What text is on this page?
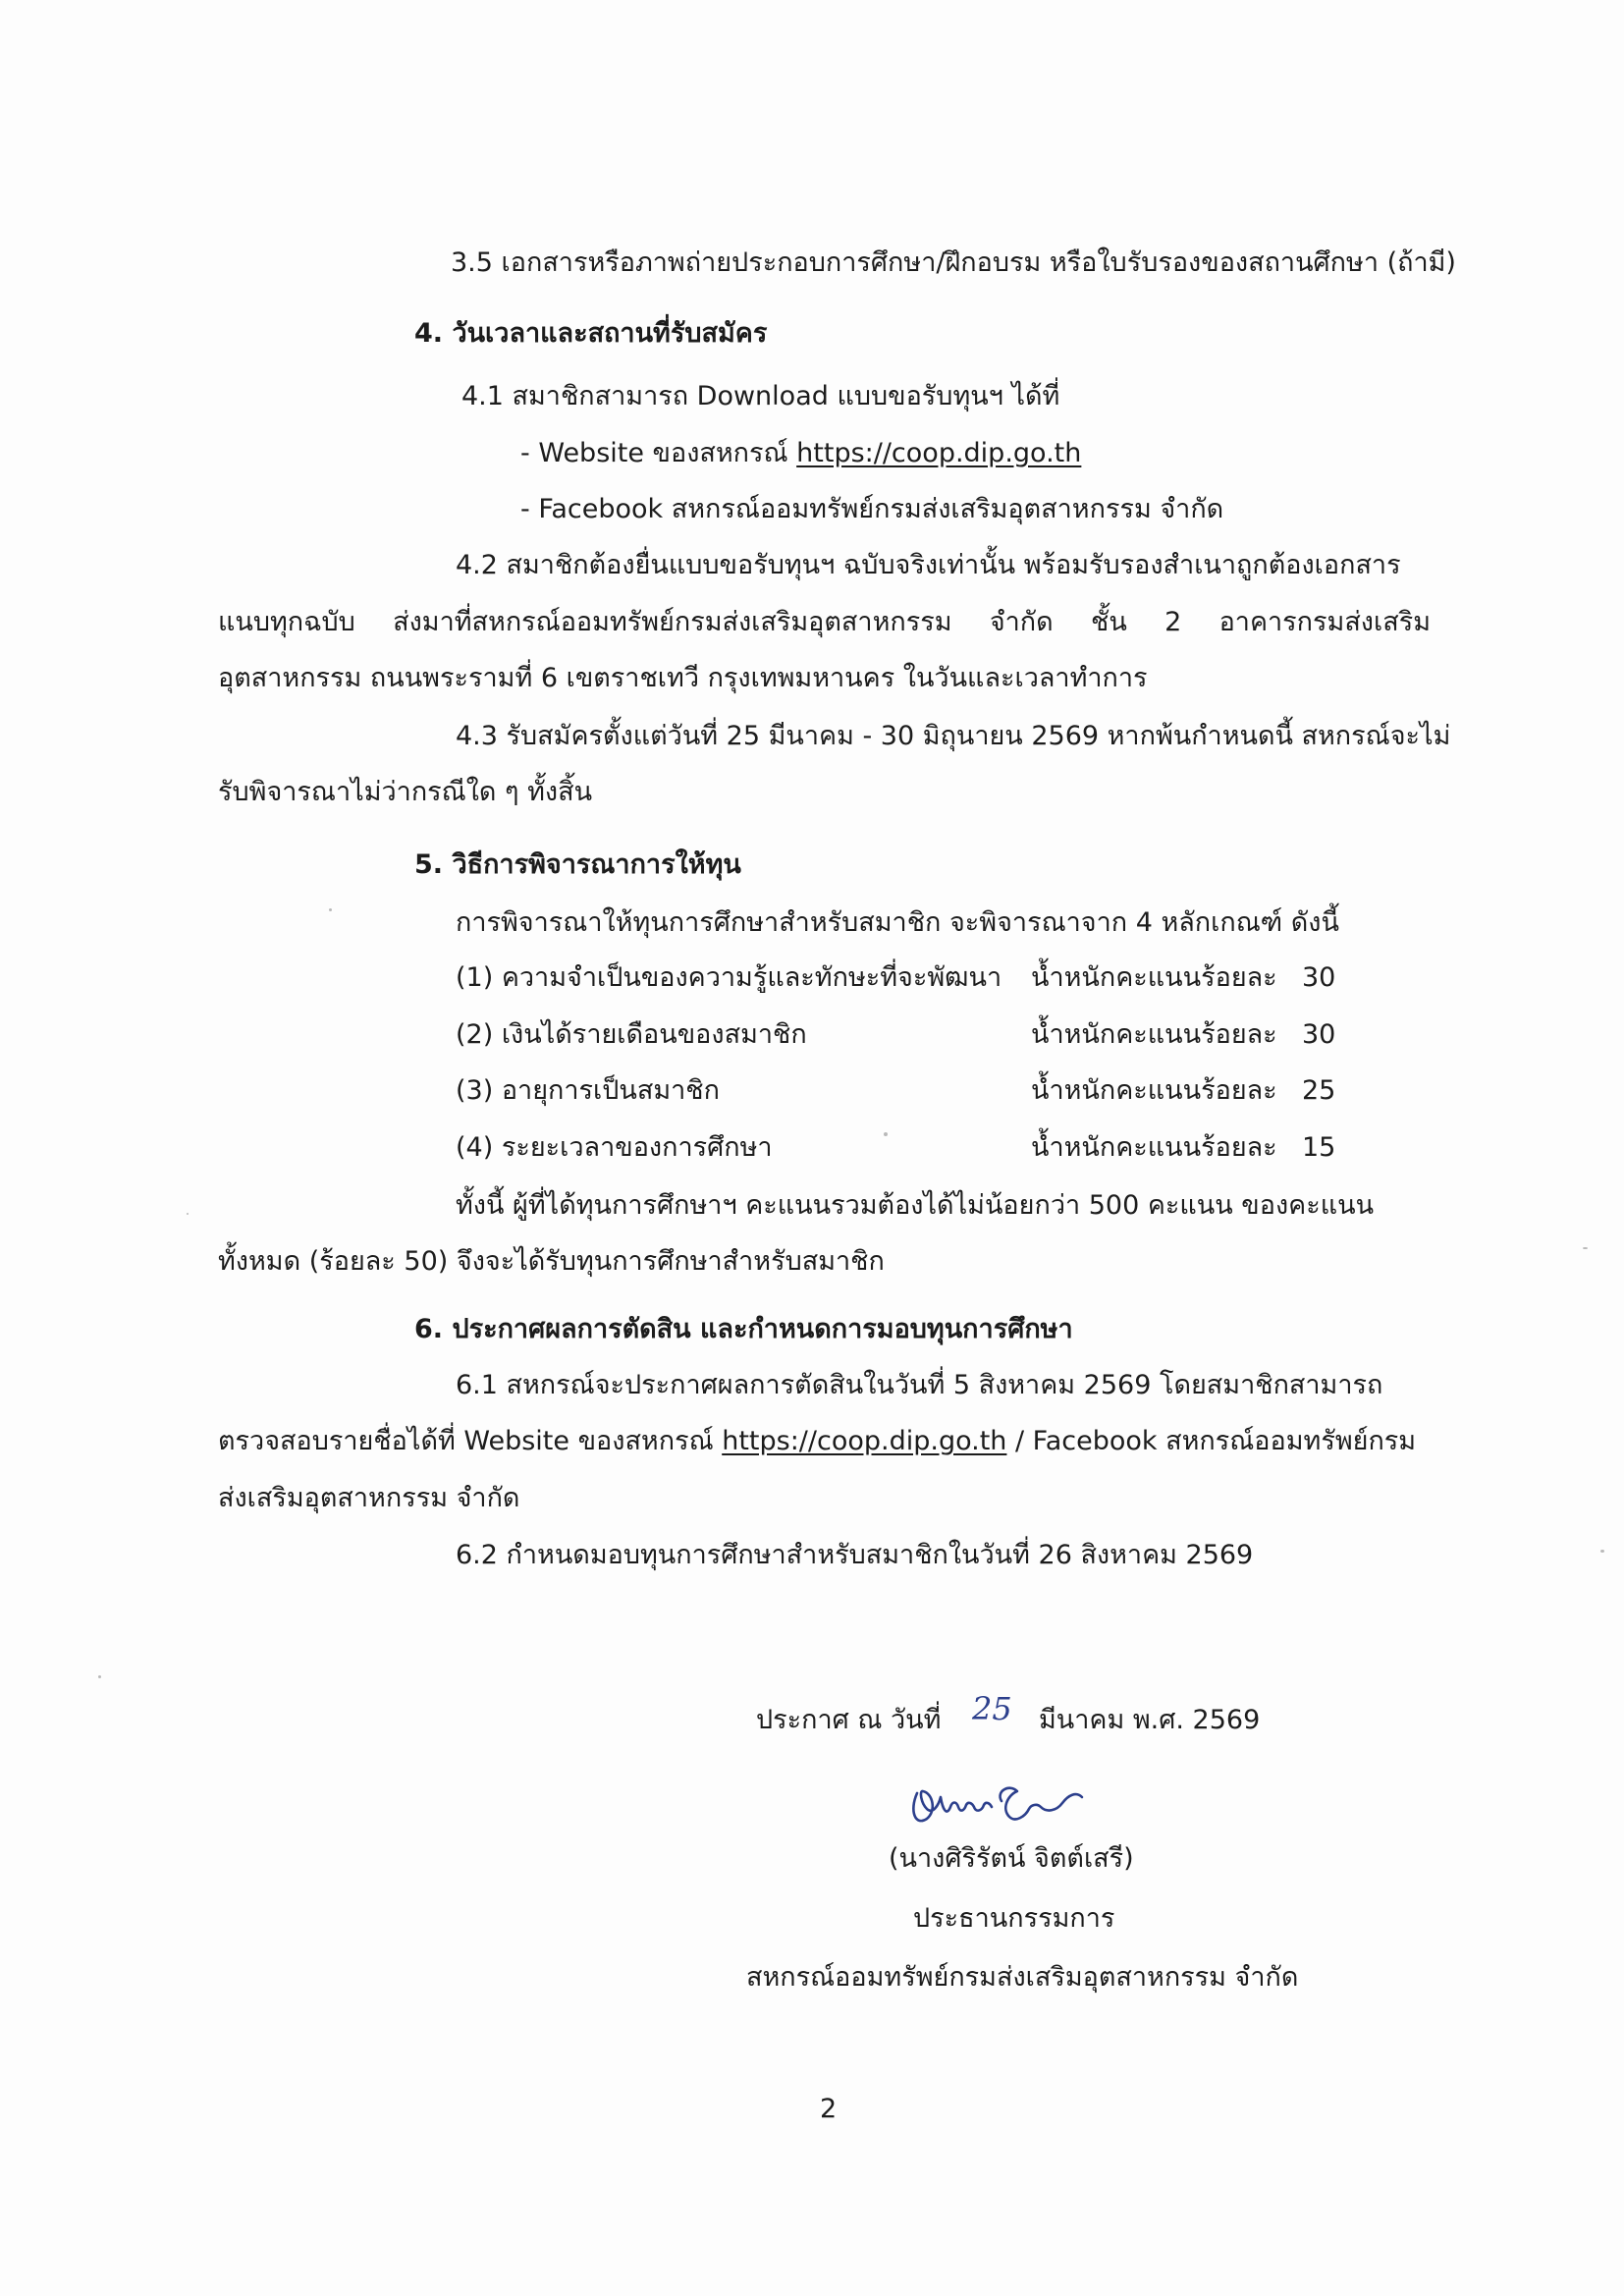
3.5 เอกสารหรือภาพถ่ายประกอบการศึกษา/ฝึกอบรม หรือใบรับรองของสถานศึกษา (ถ้ามี)
4. วันเวลาและสถานที่รับสมัคร
4.1 สมาชิกสามารถ Download แบบขอรับทุนฯ ได้ที่
- Website ของสหกรณ์ https://coop.dip.go.th
- Facebook สหกรณ์ออมทรัพย์กรมส่งเสริมอุตสาหกรรม จำกัด
4.2 สมาชิกต้องยื่นแบบขอรับทุนฯ ฉบับจริงเท่านั้น พร้อมรับรองสำเนาถูกต้องเอกสาร
แนบทุกฉบับ ส่งมาที่สหกรณ์ออมทรัพย์กรมส่งเสริมอุตสาหกรรม จำกัด ชั้น 2 อาคารกรมส่งเสริม
อุตสาหกรรม ถนนพระรามที่ 6 เขตราชเทวี กรุงเทพมหานคร ในวันและเวลาทำการ
4.3 รับสมัครตั้งแต่วันที่ 25 มีนาคม - 30 มิถุนายน 2569 หากพ้นกำหนดนี้ สหกรณ์จะไม่
รับพิจารณาไม่ว่ากรณีใด ๆ ทั้งสิ้น
5. วิธีการพิจารณาการให้ทุน
การพิจารณาให้ทุนการศึกษาสำหรับสมาชิก จะพิจารณาจาก 4 หลักเกณฑ์ ดังนี้
(1) ความจำเป็นของความรู้และทักษะที่จะพัฒนา น้ำหนักคะแนนร้อยละ 30
(2) เงินได้รายเดือนของสมาชิก	น้ำหนักคะแนนร้อยละ 30
(3) อายุการเป็นสมาชิก	น้ำหนักคะแนนร้อยละ 25
(4) ระยะเวลาของการศึกษา	น้ำหนักคะแนนร้อยละ 15
ทั้งนี้ ผู้ที่ได้ทุนการศึกษาฯ คะแนนรวมต้องได้ไม่น้อยกว่า 500 คะแนน ของคะแนน
ทั้งหมด (ร้อยละ 50) จึงจะได้รับทุนการศึกษาสำหรับสมาชิก
6. ประกาศผลการตัดสิน และกำหนดการมอบทุนการศึกษา
6.1 สหกรณ์จะประกาศผลการตัดสินในวันที่ 5 สิงหาคม 2569 โดยสมาชิกสามารถ
ตรวจสอบรายชื่อได้ที่ Website ของสหกรณ์ https://coop.dip.go.th / Facebook สหกรณ์ออมทรัพย์กรม
ส่งเสริมอุตสาหกรรม จำกัด
6.2 กำหนดมอบทุนการศึกษาสำหรับสมาชิกในวันที่ 26 สิงหาคม 2569
ประกาศ ณ วันที่ 25 มีนาคม พ.ศ. 2569
(นางศิริรัตน์ จิตต์เสรี)
ประธานกรรมการ
สหกรณ์ออมทรัพย์กรมส่งเสริมอุตสาหกรรม จำกัด
2
